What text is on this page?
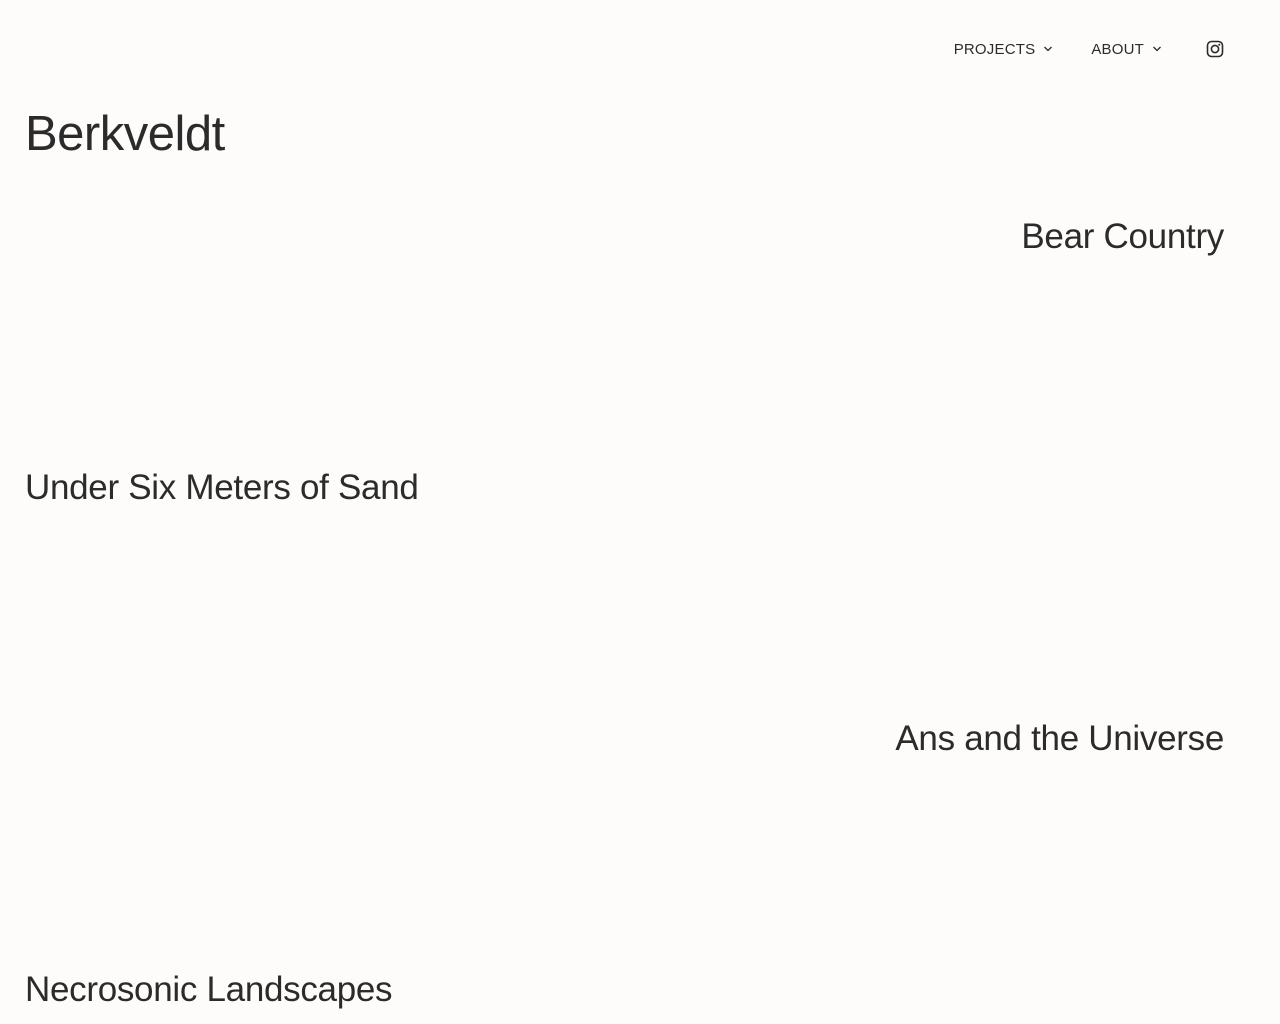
PROJECTS	ABOUT
Berkveldt
Bear Country
Under Six Meters of Sand
Ans and the Universe
Necrosonic Landscapes
